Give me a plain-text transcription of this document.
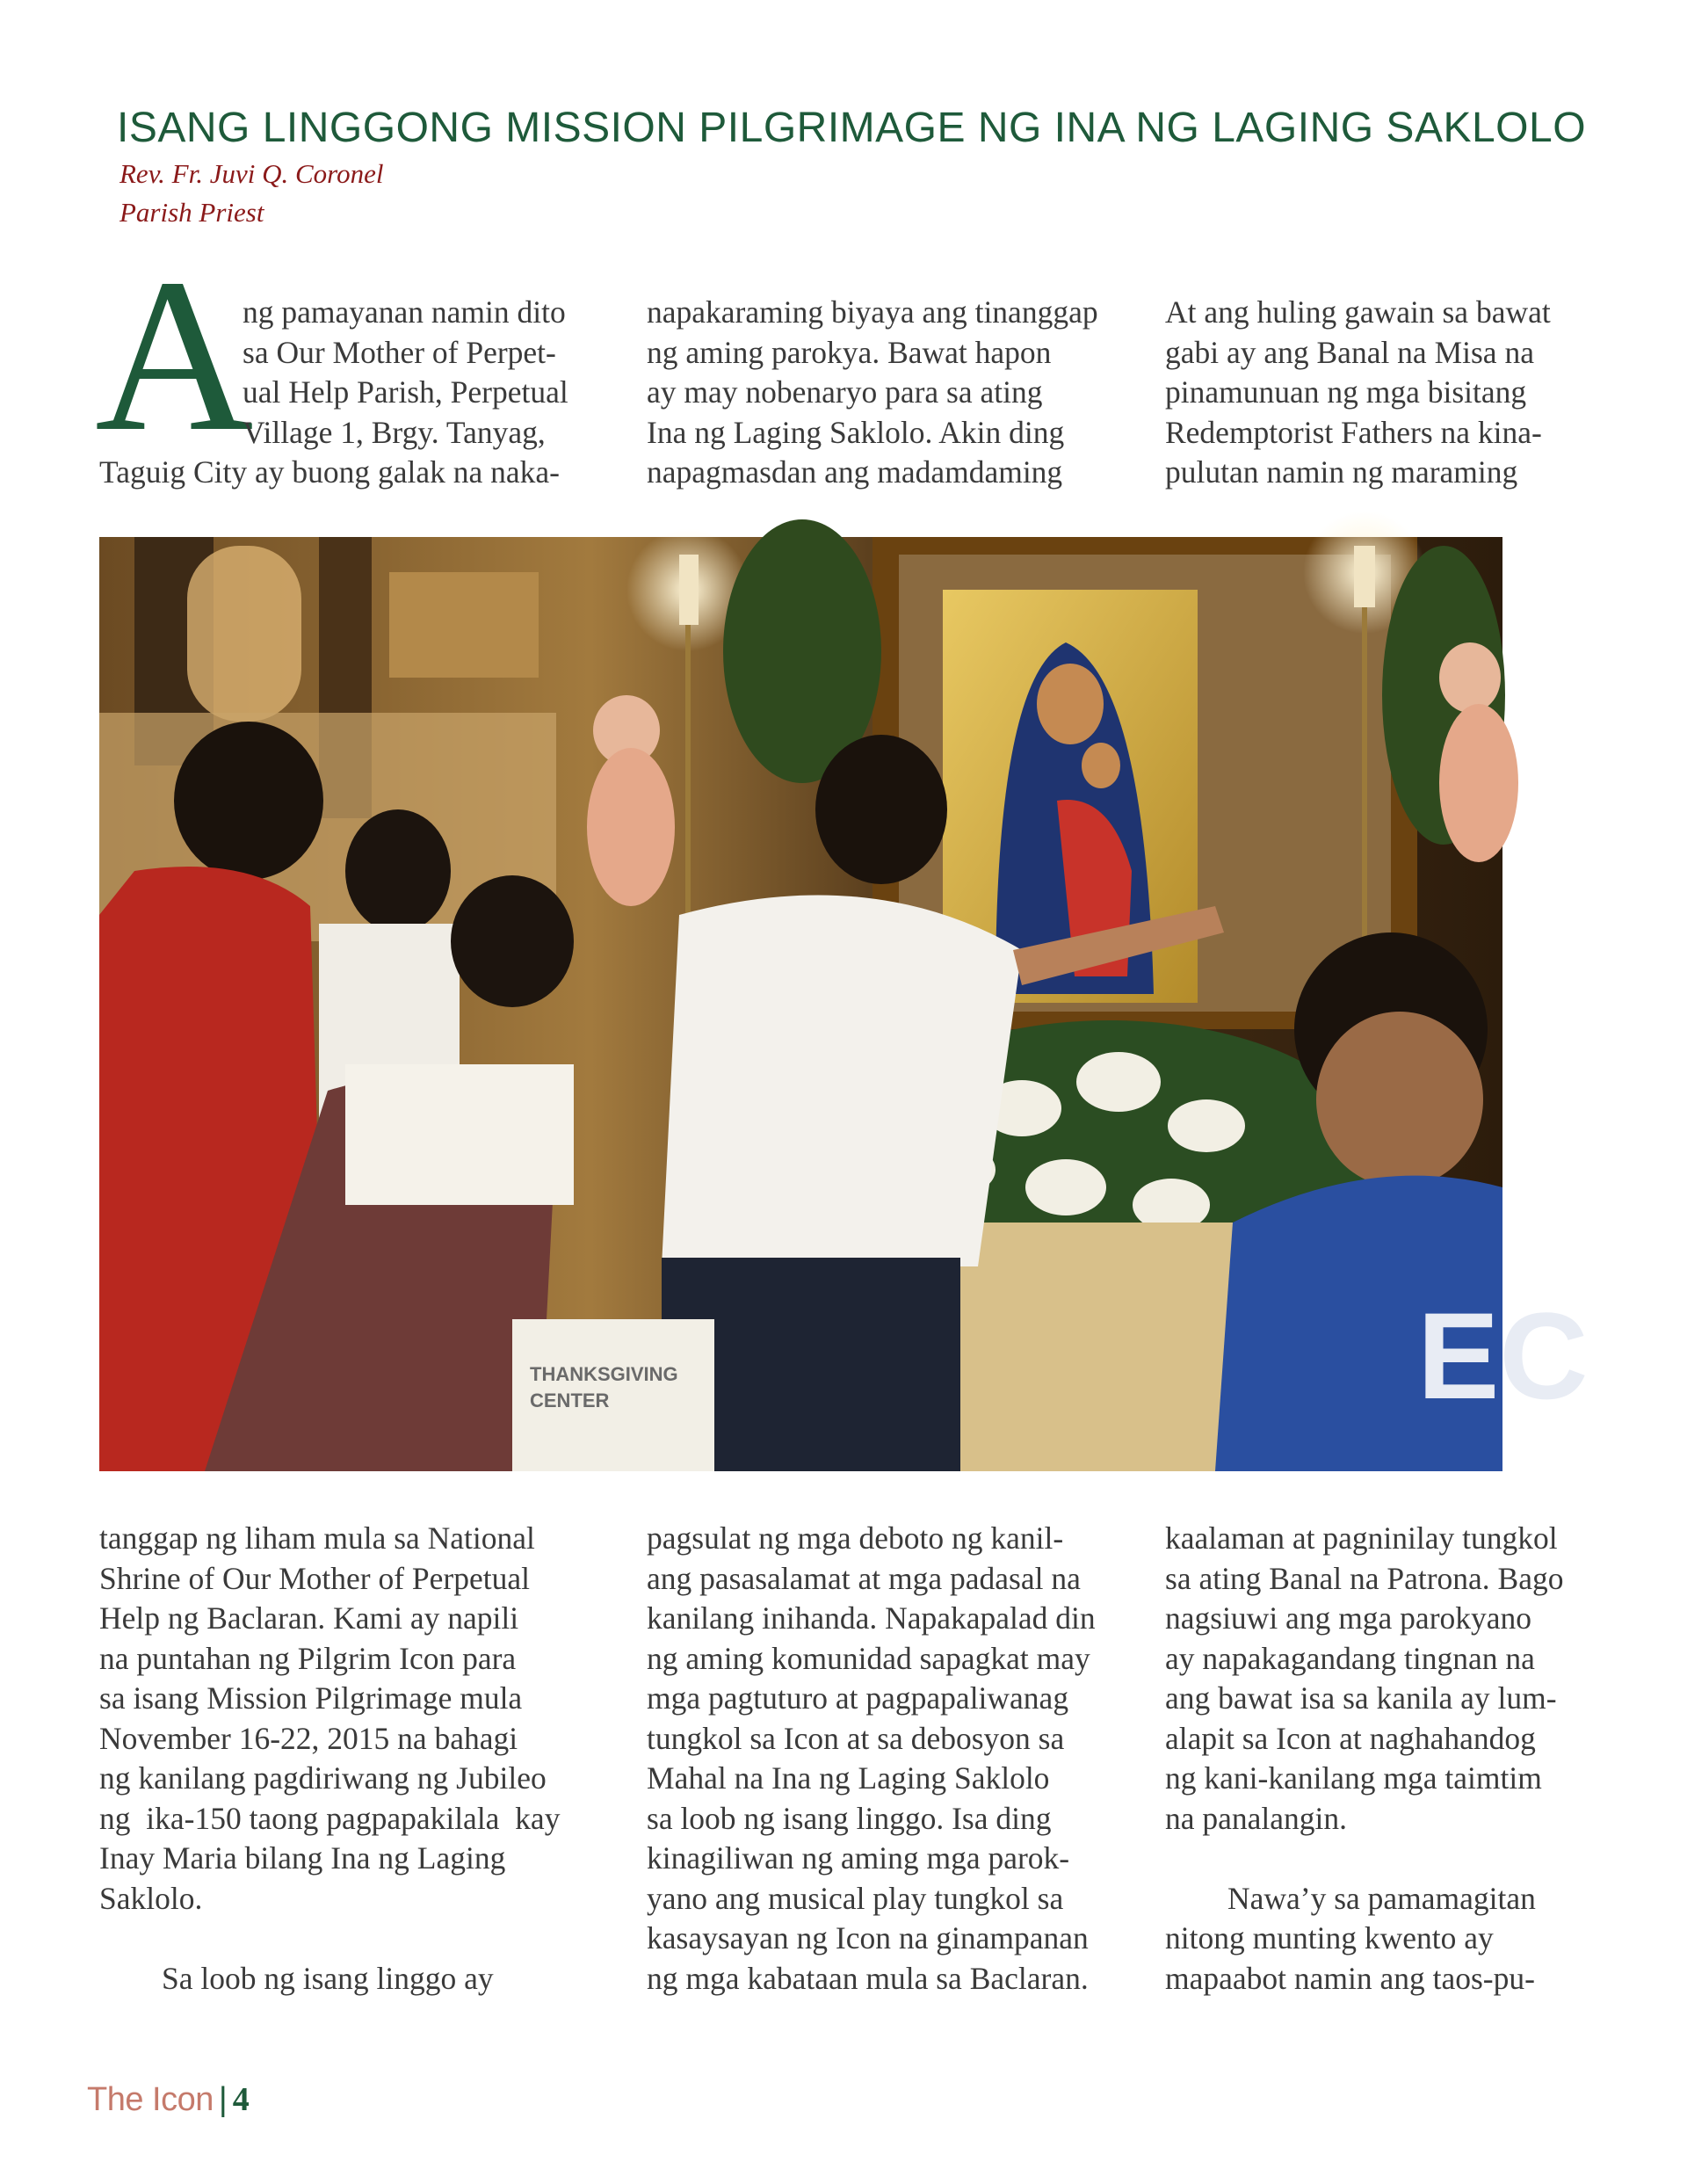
ISANG LINGGONG MISSION PILGRIMAGE NG INA NG LAGING SAKLOLO
Rev. Fr. Juvi Q. Coronel
Parish Priest
A

ng pamayanan namin dito

sa Our Mother of Perpet-

ual Help Parish, Perpetual

Village 1, Brgy. Tanyag,

Taguig City ay buong galak na naka-

napakaraming biyaya ang tinanggap

ng aming parokya. Bawat hapon

ay may nobenaryo para sa ating

Ina ng Laging Saklolo. Akin ding

napagmasdan ang madamdaming

At ang huling gawain sa bawat

gabi ay ang Banal na Misa na

pinamunuan ng mga bisitang

Redemptorist Fathers na kina-

pulutan namin ng maraming

THANKSGIVING
CENTER	EC

tanggap ng liham mula sa National

Shrine of Our Mother of Perpetual

Help ng Baclaran. Kami ay napili

na puntahan ng Pilgrim Icon para

sa isang Mission Pilgrimage mula

November 16-22, 2015 na bahagi

ng kanilang pagdiriwang ng Jubileo

ng  ika-150 taong pagpapakilala  kay

Inay Maria bilang Ina ng Laging

Saklolo.

Sa loob ng isang linggo ay

pagsulat ng mga deboto ng kanil-

ang pasasalamat at mga padasal na

kanilang inihanda. Napakapalad din

ng aming komunidad sapagkat may

mga pagtuturo at pagpapaliwanag

tungkol sa Icon at sa debosyon sa

Mahal na Ina ng Laging Saklolo

sa loob ng isang linggo. Isa ding

kinagiliwan ng aming mga parok-

yano ang musical play tungkol sa

kasaysayan ng Icon na ginampanan

ng mga kabataan mula sa Baclaran.

kaalaman at pagninilay tungkol

sa ating Banal na Patrona. Bago

nagsiuwi ang mga parokyano

ay napakagandang tingnan na

ang bawat isa sa kanila ay lum-

alapit sa Icon at naghahandog

ng kani-kanilang mga taimtim

na panalangin.

Nawa’y sa pamamagitan

nitong munting kwento ay

mapaabot namin ang taos-pu-

The Icon | 4
